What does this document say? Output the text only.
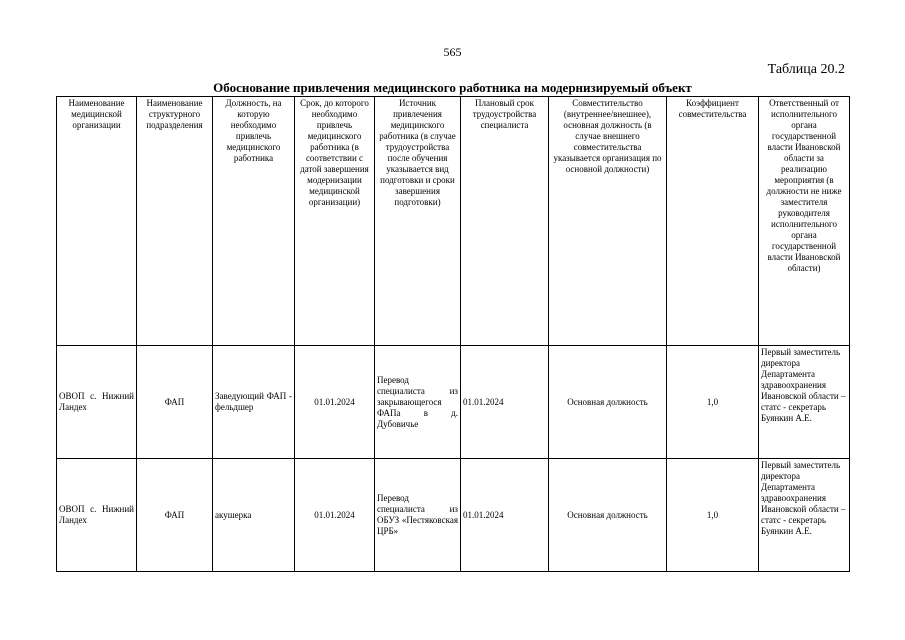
565
Таблица 20.2
Обоснование привлечения медицинского работника на модернизируемый объект
Наименование медицинской организации	Наименование структурного подразделения	Должность, на которую необходимо привлечь медицинского работника	Срок, до которого необходимо привлечь медицинского работника (в соответствии с датой завершения модернизации медицинской организации)	Источник привлечения медицинского работника (в случае трудоустройства после обучения указывается вид подготовки и сроки завершения подготовки)	Плановый срок трудоустройства специалиста	Совместительство (внутреннее/внешнее), основная должность (в случае внешнего совместительства указывается организация по основной должности)	Коэффициент совместительства	Ответственный от исполнительного органа государственной власти Ивановской области за реализацию мероприятия (в должности не ниже заместителя руководителя исполнительного органа государственной власти Ивановской области)
ОВОП с. Нижний Ландех	ФАП	Заведующий ФАП - фельдшер	01.01.2024	Перевод специалиста из закрывающегося ФАПа в д. Дубовичье	01.01.2024	Основная должность	1,0	Первый заместитель директора Департамента здравоохранения Ивановской области – статс - секретарь Буянкин А.Е.
ОВОП с. Нижний Ландех	ФАП	акушерка	01.01.2024	Перевод специалиста из ОБУЗ «Пестяковская ЦРБ»	01.01.2024	Основная должность	1,0	Первый заместитель директора Департамента здравоохранения Ивановской области – статс - секретарь Буянкин А.Е.
